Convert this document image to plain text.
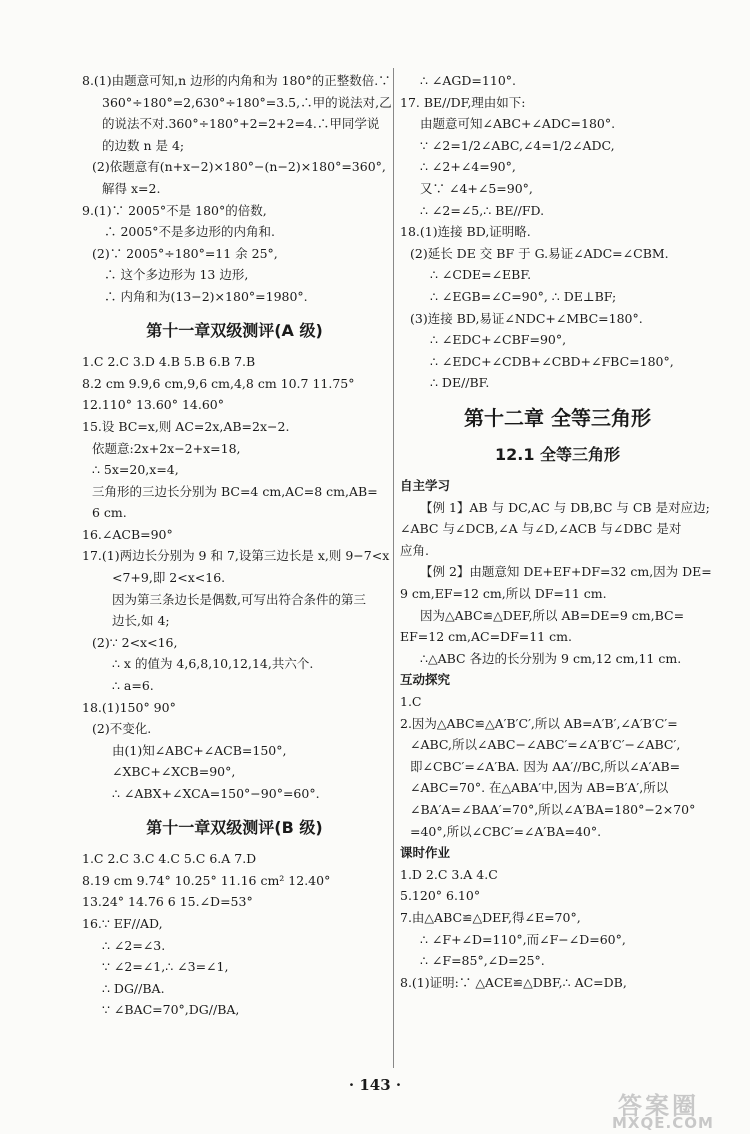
8.(1)由题意可知,n 边形的内角和为 180°的正整数倍.∵
360°÷180°=2,630°÷180°=3.5,∴甲的说法对,乙
的说法不对.360°÷180°+2=2+2=4.∴甲同学说
的边数 n 是 4;
(2)依题意有(n+x−2)×180°−(n−2)×180°=360°,
解得 x=2.
9.(1)∵ 2005°不是 180°的倍数,
∴ 2005°不是多边形的内角和.
(2)∵ 2005°÷180°=11 余 25°,
∴ 这个多边形为 13 边形,
∴ 内角和为(13−2)×180°=1980°.
第十一章双级测评(A 级)
1.C 2.C 3.D 4.B 5.B 6.B 7.B
8.2 cm 9.9,6 cm,9,6 cm,4,8 cm 10.7 11.75°
12.110° 13.60° 14.60°
15.设 BC=x,则 AC=2x,AB=2x−2.
依题意:2x+2x−2+x=18,
∴ 5x=20,x=4,
三角形的三边长分别为 BC=4 cm,AC=8 cm,AB=
6 cm.
16.∠ACB=90°
17.(1)两边长分别为 9 和 7,设第三边长是 x,则 9−7<x
<7+9,即 2<x<16.
因为第三条边长是偶数,可写出符合条件的第三
边长,如 4;
(2)∵ 2<x<16,
∴ x 的值为 4,6,8,10,12,14,共六个.
∴ a=6.
18.(1)150° 90°
(2)不变化.
由(1)知∠ABC+∠ACB=150°,
∠XBC+∠XCB=90°,
∴ ∠ABX+∠XCA=150°−90°=60°.
第十一章双级测评(B 级)
1.C 2.C 3.C 4.C 5.C 6.A 7.D
8.19 cm 9.74° 10.25° 11.16 cm² 12.40°
13.24° 14.76 6 15.∠D=53°
16.∵ EF//AD,
∴ ∠2=∠3.
∵ ∠2=∠1,∴ ∠3=∠1,
∴ DG//BA.
∵ ∠BAC=70°,DG//BA,
∴ ∠AGD=110°.
17. BE//DF,理由如下:
由题意可知∠ABC+∠ADC=180°.
∵ ∠2=1/2∠ABC,∠4=1/2∠ADC,
∴ ∠2+∠4=90°,
又∵ ∠4+∠5=90°,
∴ ∠2=∠5,∴ BE//FD.
18.(1)连接 BD,证明略.
(2)延长 DE 交 BF 于 G.易证∠ADC=∠CBM.
∴ ∠CDE=∠EBF.
∴ ∠EGB=∠C=90°, ∴ DE⊥BF;
(3)连接 BD,易证∠NDC+∠MBC=180°.
∴ ∠EDC+∠CBF=90°,
∴ ∠EDC+∠CDB+∠CBD+∠FBC=180°,
∴ DE//BF.
第十二章 全等三角形
12.1 全等三角形
自主学习
【例 1】AB 与 DC,AC 与 DB,BC 与 CB 是对应边;
∠ABC 与∠DCB,∠A 与∠D,∠ACB 与∠DBC 是对
应角.
【例 2】由题意知 DE+EF+DF=32 cm,因为 DE=
9 cm,EF=12 cm,所以 DF=11 cm.
因为△ABC≌△DEF,所以 AB=DE=9 cm,BC=
EF=12 cm,AC=DF=11 cm.
∴△ABC 各边的长分别为 9 cm,12 cm,11 cm.
互动探究
1.C
2.因为△ABC≌△A′B′C′,所以 AB=A′B′,∠A′B′C′=
∠ABC,所以∠ABC−∠ABC′=∠A′B′C′−∠ABC′,
即∠CBC′=∠A′BA. 因为 AA′//BC,所以∠A′AB=
∠ABC=70°. 在△ABA′中,因为 AB=B′A′,所以
∠BA′A=∠BAA′=70°,所以∠A′BA=180°−2×70°
=40°,所以∠CBC′=∠A′BA=40°.
课时作业
1.D 2.C 3.A 4.C
5.120° 6.10°
7.由△ABC≌△DEF,得∠E=70°,
∴ ∠F+∠D=110°,而∠F−∠D=60°,
∴ ∠F=85°,∠D=25°.
8.(1)证明:∵ △ACE≌△DBF,∴ AC=DB,
· 143 ·
答案圈
MXQE.COM
